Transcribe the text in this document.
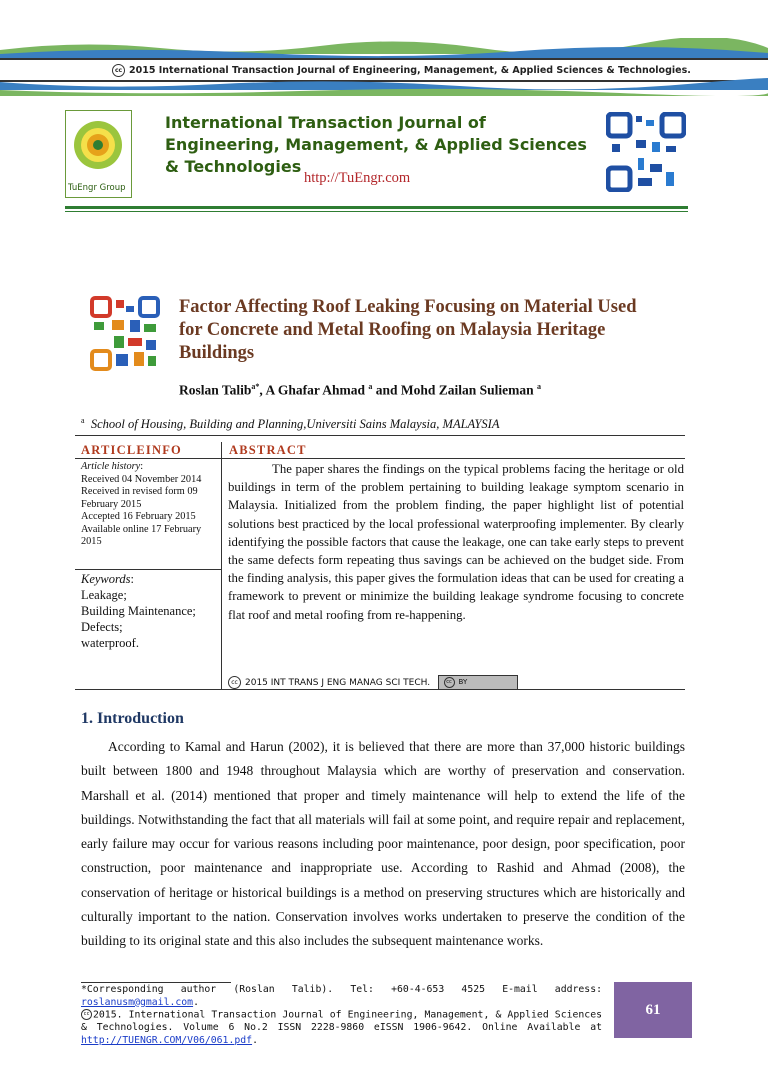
cc 2015 International Transaction Journal of Engineering, Management, & Applied Sciences & Technologies.
TuEngr Group
International Transaction Journal of Engineering, Management, & Applied Sciences & Technologies
http://TuEngr.com
Factor Affecting Roof Leaking Focusing on Material Used for Concrete and Metal Roofing on Malaysia Heritage Buildings
Roslan Talib$^{a*}$, A Ghafar Ahmad $^a$ and Mohd Zailan Sulieman $^a$
$^a$ School of Housing, Building and Planning,Universiti Sains Malaysia, MALAYSIA
ARTICLEINFO	ABSTRACT
Article history:
Received 04 November 2014
Received in revised form 09 February 2015
Accepted 16 February 2015
Available online 17 February 2015
Keywords:
Leakage;
Building Maintenance;
Defects;
waterproof.

The paper shares the findings on the typical problems facing the heritage or old buildings in term of the problem pertaining to building leakage symptom scenario in Malaysia. Initialized from the problem finding, the paper highlight list of potential solutions best practiced by the local professional waterproofing implementer. By clearly identifying the possible factors that cause the leakage, one can take early steps to prevent the same defects form repeating thus savings can be achieved on the budget side. From the finding analysis, this paper gives the formulation ideas that can be used for creating a framework to prevent or minimize the building leakage syndrome focusing to concrete flat roof and metal roofing from re-happening.

cc 2015 INT TRANS J ENG MANAG SCI TECH.	cc BY
1. Introduction

According to Kamal and Harun (2002), it is believed that there are more than 37,000 historic buildings built between 1800 and 1948 throughout Malaysia which are worthy of preservation and conservation. Marshall et al. (2014) mentioned that proper and timely maintenance will help to extend the life of the buildings. Notwithstanding the fact that all materials will fail at some point, and require repair and replacement, early failure may occur for various reasons including poor maintenance, poor design, poor specification, poor construction, poor maintenance and inappropriate use. According to Rashid and Ahmad (2008), the conservation of heritage or historical buildings is a method on preserving structures which are historically and culturally important to the nation. Conservation involves works undertaken to preserve the condition of the building to its original state and this also includes the subsequent maintenance works.

*Corresponding author (Roslan Talib). Tel: +60-4-653 4525 E-mail address: roslanusm@gmail.com.
cc 2015. International Transaction Journal of Engineering, Management, & Applied Sciences & Technologies. Volume 6 No.2 ISSN 2228-9860 eISSN 1906-9642. Online Available at http://TUENGR.COM/V06/061.pdf.
61
